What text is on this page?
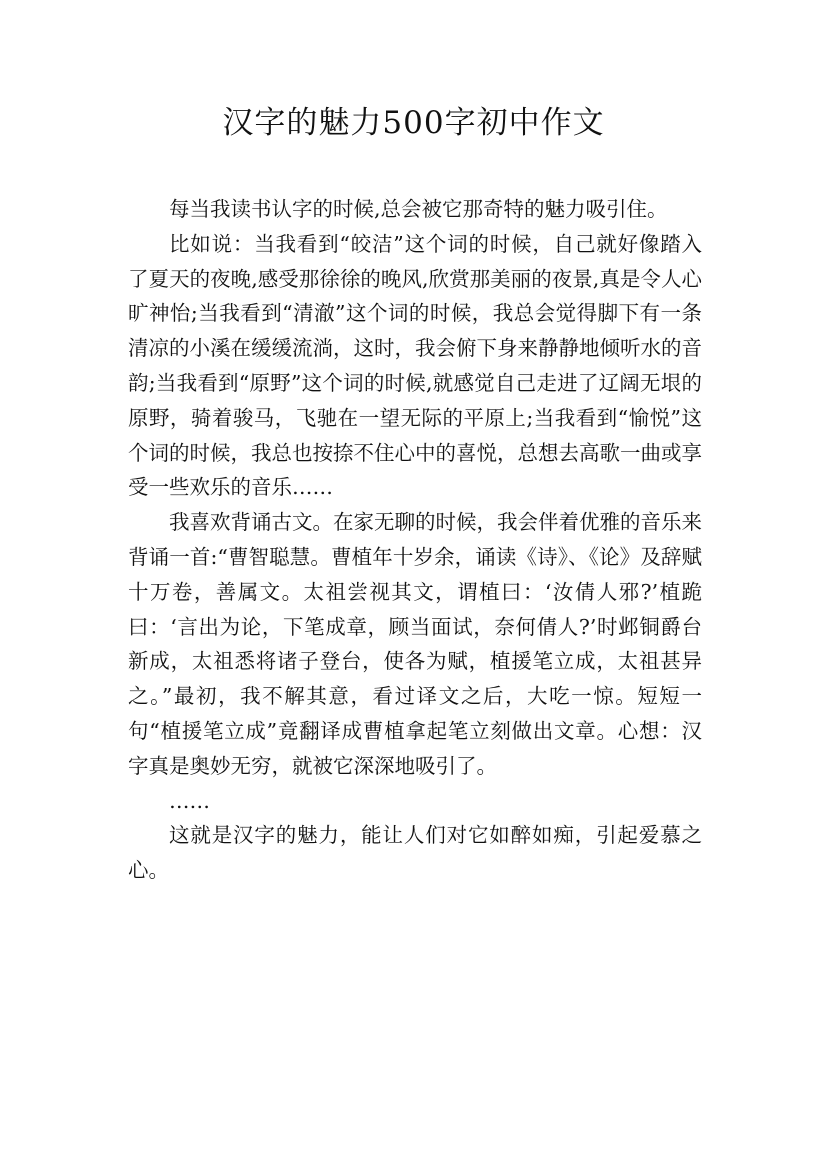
汉字的魅力500字初中作文

每当我读书认字的时候,总会被它那奇特的魅力吸引住。

比如说：当我看到“皎洁”这个词的时候，自己就好像踏入了夏天的夜晚,感受那徐徐的晚风,欣赏那美丽的夜景,真是令人心旷神怡;当我看到“清澈”这个词的时候，我总会觉得脚下有一条清凉的小溪在缓缓流淌，这时，我会俯下身来静静地倾听水的音韵;当我看到“原野”这个词的时候,就感觉自己走进了辽阔无垠的原野，骑着骏马，飞驰在一望无际的平原上;当我看到“愉悦”这个词的时候，我总也按捺不住心中的喜悦，总想去高歌一曲或享受一些欢乐的音乐……

我喜欢背诵古文。在家无聊的时候，我会伴着优雅的音乐来背诵一首:“曹智聪慧。曹植年十岁余，诵读《诗》、《论》及辞赋十万卷，善属文。太祖尝视其文，谓植曰：‘汝倩人邪?’植跪曰：‘言出为论，下笔成章，顾当面试，奈何倩人?’时邺铜爵台新成，太祖悉将诸子登台，使各为赋，植援笔立成，太祖甚异之。”最初，我不解其意，看过译文之后，大吃一惊。短短一句“植援笔立成”竟翻译成曹植拿起笔立刻做出文章。心想：汉字真是奥妙无穷，就被它深深地吸引了。

……

这就是汉字的魅力，能让人们对它如醉如痴，引起爱慕之心。
